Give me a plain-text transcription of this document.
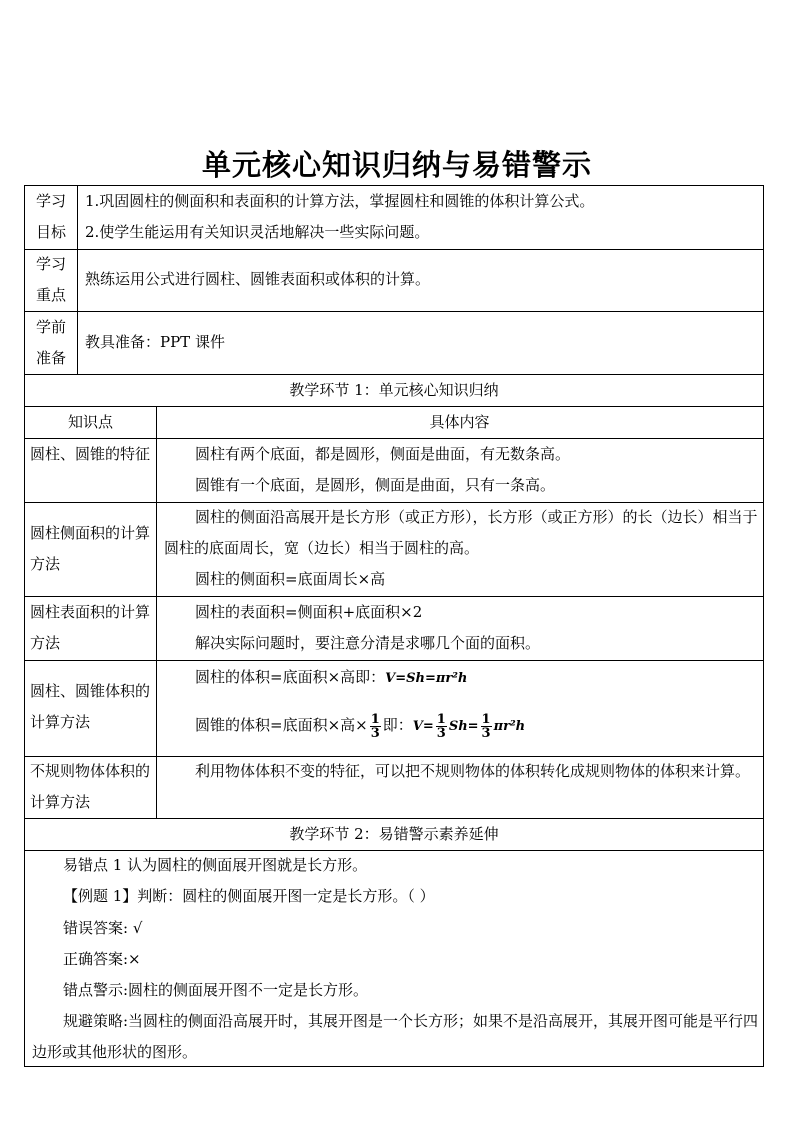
单元核心知识归纳与易错警示
学习
目标
1.巩固圆柱的侧面积和表面积的计算方法，掌握圆柱和圆锥的体积计算公式。
2.使学生能运用有关知识灵活地解决一些实际问题。
学习
重点
熟练运用公式进行圆柱、圆锥表面积或体积的计算。
学前
准备
教具准备：PPT 课件
教学环节 1：单元核心知识归纳
知识点	具体内容
圆柱、圆锥的特征	圆柱有两个底面，都是圆形，侧面是曲面，有无数条高。
圆锥有一个底面，是圆形，侧面是曲面，只有一条高。
圆柱侧面积的计算方法
圆柱的侧面沿高展开是长方形（或正方形），长方形（或正方形）的长（边长）相当于圆柱的底面周长，宽（边长）相当于圆柱的高。
圆柱的侧面积=底面周长×高
圆柱表面积的计算方法
圆柱的表面积=侧面积+底面积×2
解决实际问题时，要注意分清是求哪几个面的面积。
圆柱、圆锥体积的计算方法
圆柱的体积=底面积×高即：V=Sh=πr²h
圆锥的体积=底面积×高× $\frac{1}{3}$ 即：$V= \frac{1}{3} Sh= \frac{1}{3} \pi r^2h$
不规则物体体积的计算方法
利用物体体积不变的特征，可以把不规则物体的体积转化成规则物体的体积来计算。
教学环节 2：易错警示素养延伸
易错点 1 认为圆柱的侧面展开图就是长方形。
【例题 1】判断：圆柱的侧面展开图一定是长方形。（ ）
错误答案: √
正确答案:×
错点警示:圆柱的侧面展开图不一定是长方形。
规避策略:当圆柱的侧面沿高展开时，其展开图是一个长方形；如果不是沿高展开，其展开图可能是平行四边形或其他形状的图形。
